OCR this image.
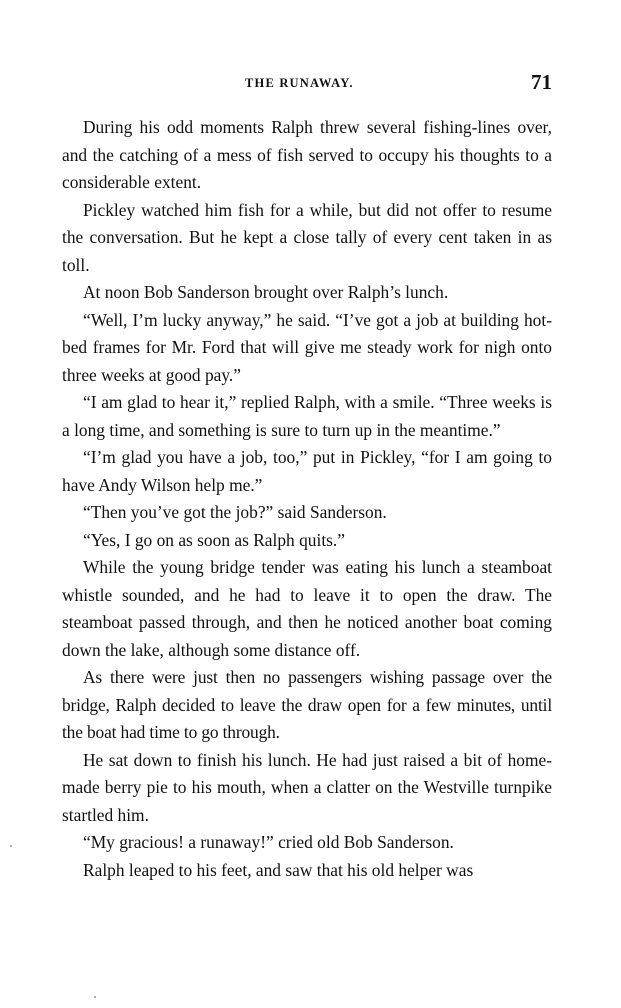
THE RUNAWAY.	71

During his odd moments Ralph threw several fishing-lines over, and the catching of a mess of fish served to occupy his thoughts to a considerable extent.

Pickley watched him fish for a while, but did not offer to resume the conversation. But he kept a close tally of every cent taken in as toll.

At noon Bob Sanderson brought over Ralph’s lunch.

“Well, I’m lucky anyway,” he said. “I’ve got a job at building hot-bed frames for Mr. Ford that will give me steady work for nigh onto three weeks at good pay.”

“I am glad to hear it,” replied Ralph, with a smile. “Three weeks is a long time, and something is sure to turn up in the meantime.”

“I’m glad you have a job, too,” put in Pickley, “for I am going to have Andy Wilson help me.”

“Then you’ve got the job?” said Sanderson.

“Yes, I go on as soon as Ralph quits.”

While the young bridge tender was eating his lunch a steamboat whistle sounded, and he had to leave it to open the draw. The steamboat passed through, and then he noticed another boat coming down the lake, although some distance off.

As there were just then no passengers wishing passage over the bridge, Ralph decided to leave the draw open for a few minutes, until the boat had time to go through.

He sat down to finish his lunch. He had just raised a bit of home-made berry pie to his mouth, when a clatter on the Westville turnpike startled him.

“My gracious! a runaway!” cried old Bob Sanderson.

Ralph leaped to his feet, and saw that his old helper was
